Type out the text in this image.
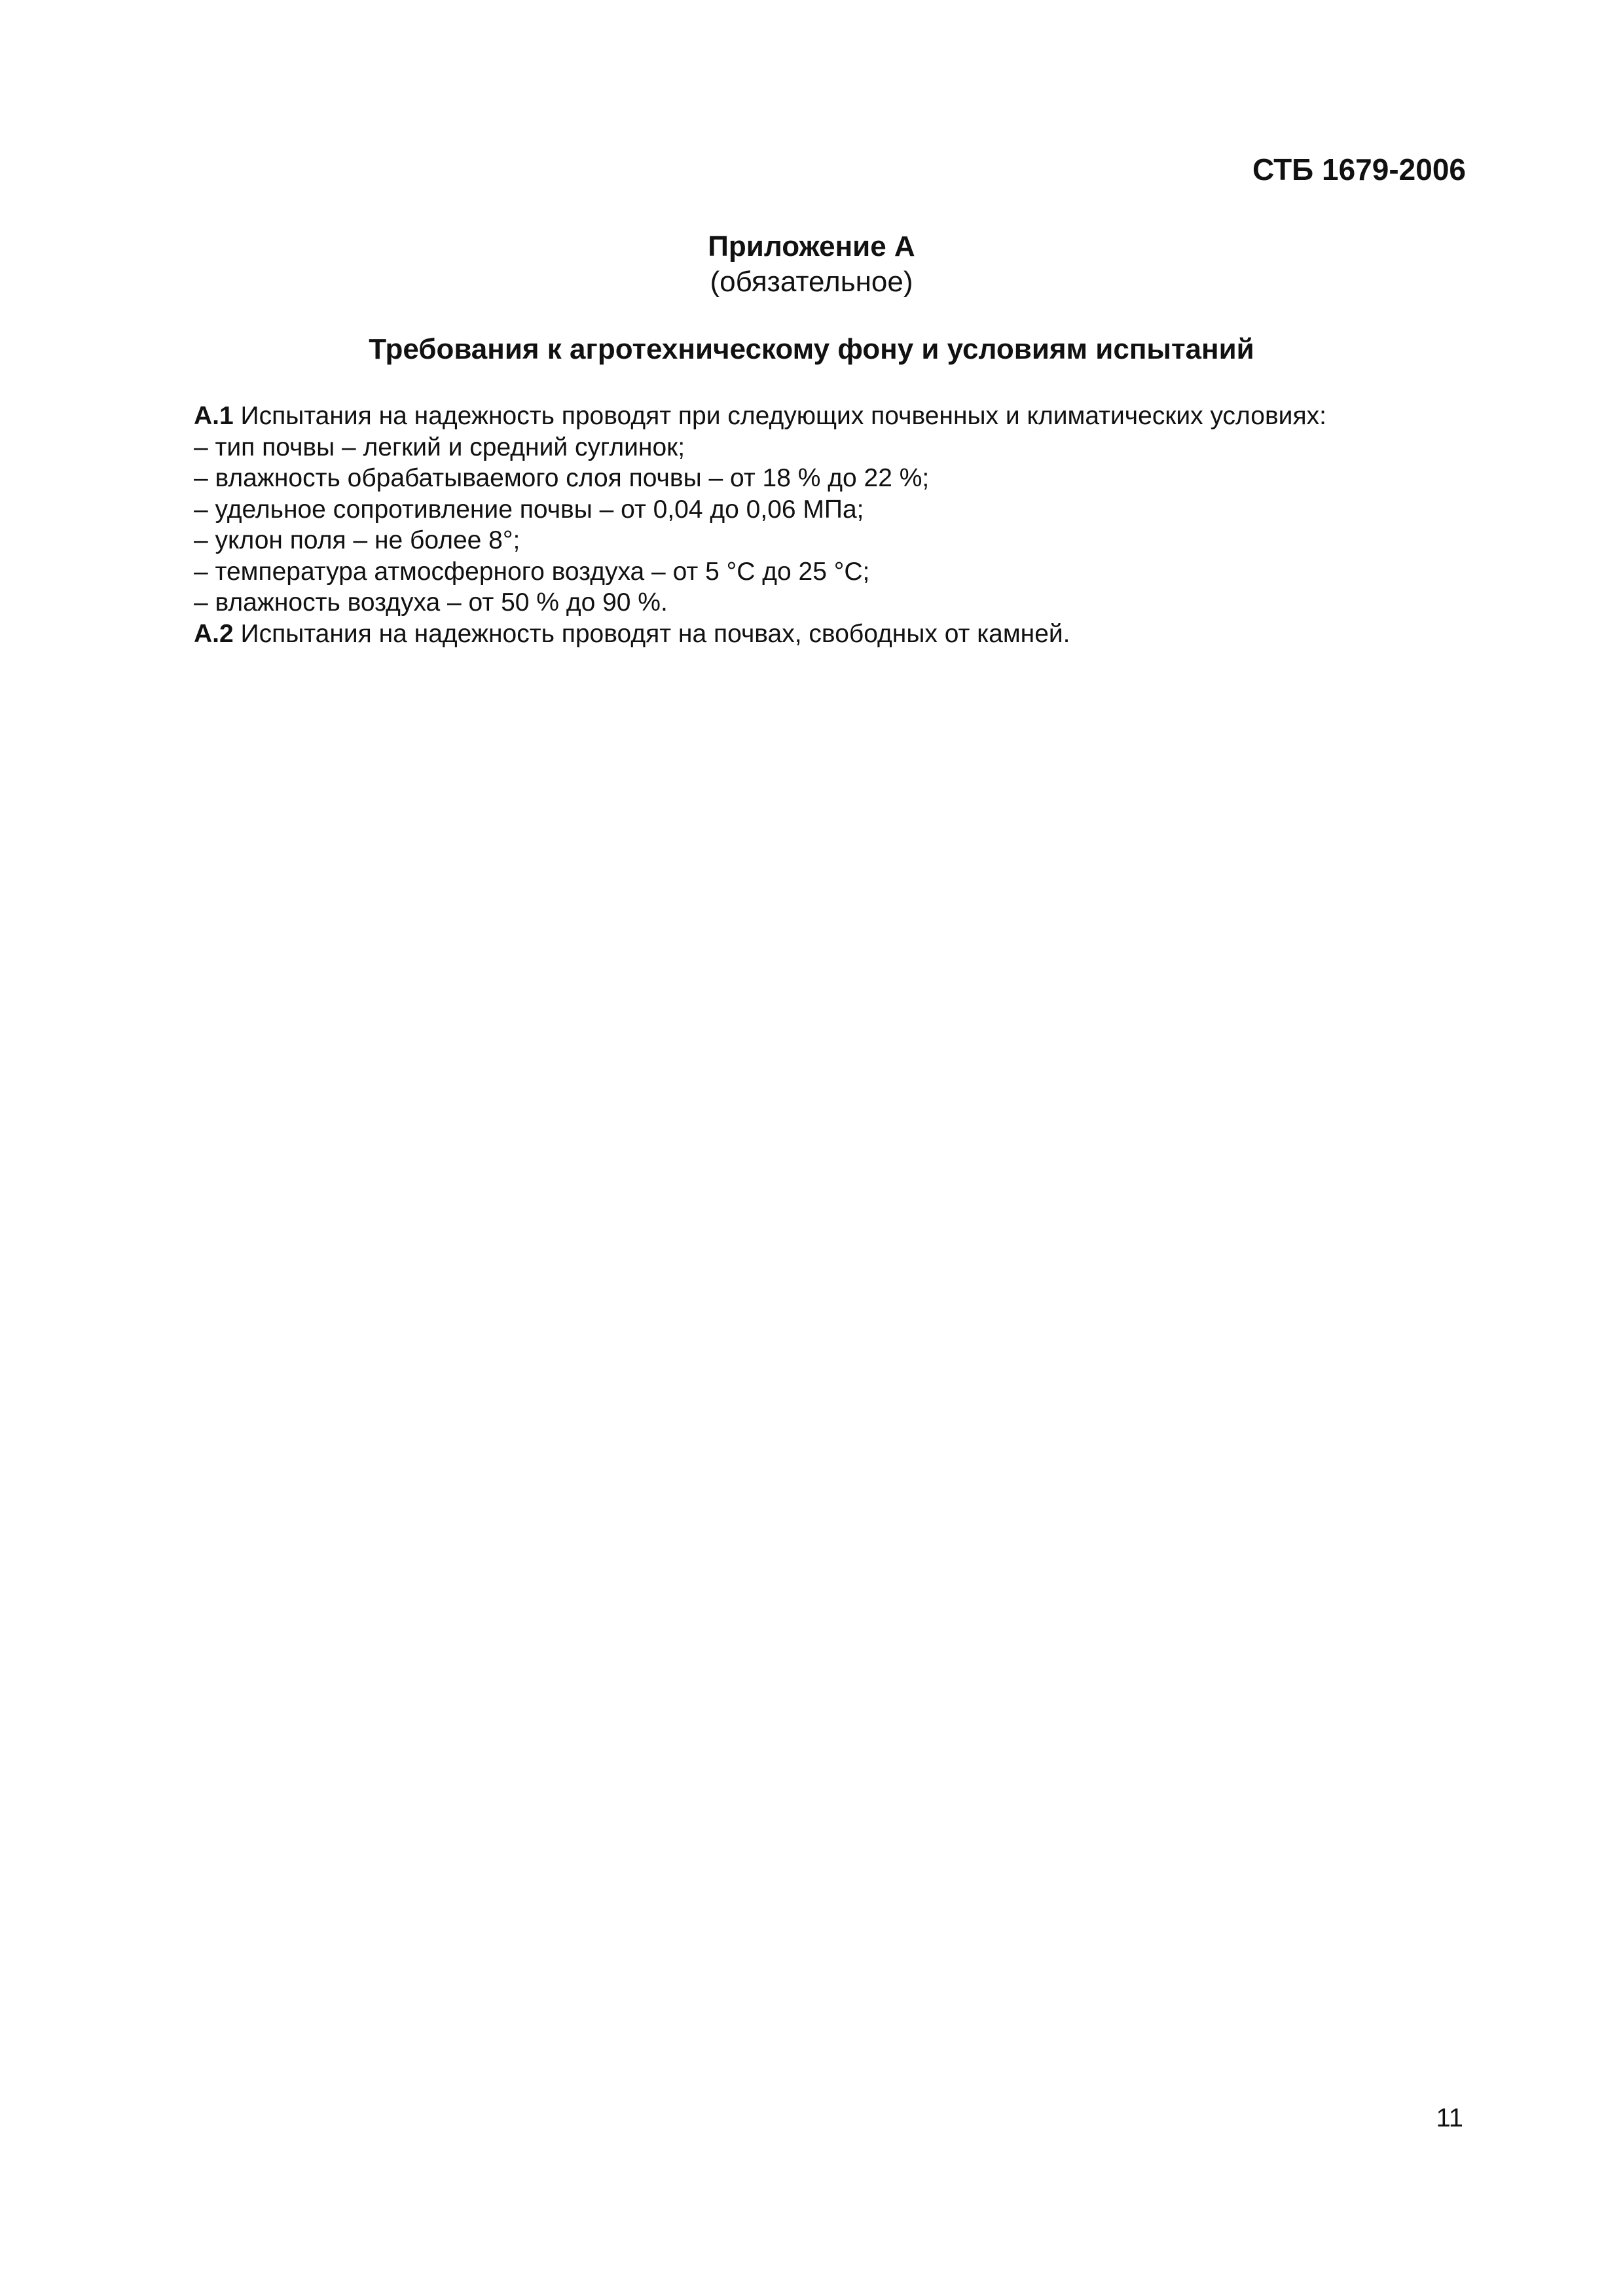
СТБ 1679-2006
Приложение А
(обязательное)
Требования к агротехническому фону и условиям испытаний
А.1 Испытания на надежность проводят при следующих почвенных и климатических условиях:
– тип почвы – легкий и средний суглинок;
– влажность обрабатываемого слоя почвы – от 18 % до 22 %;
– удельное сопротивление почвы – от 0,04 до 0,06 МПа;
– уклон поля – не более 8°;
– температура атмосферного воздуха – от 5 °С до 25 °С;
– влажность воздуха – от 50 % до 90 %.
А.2 Испытания на надежность проводят на почвах, свободных от камней.
11
